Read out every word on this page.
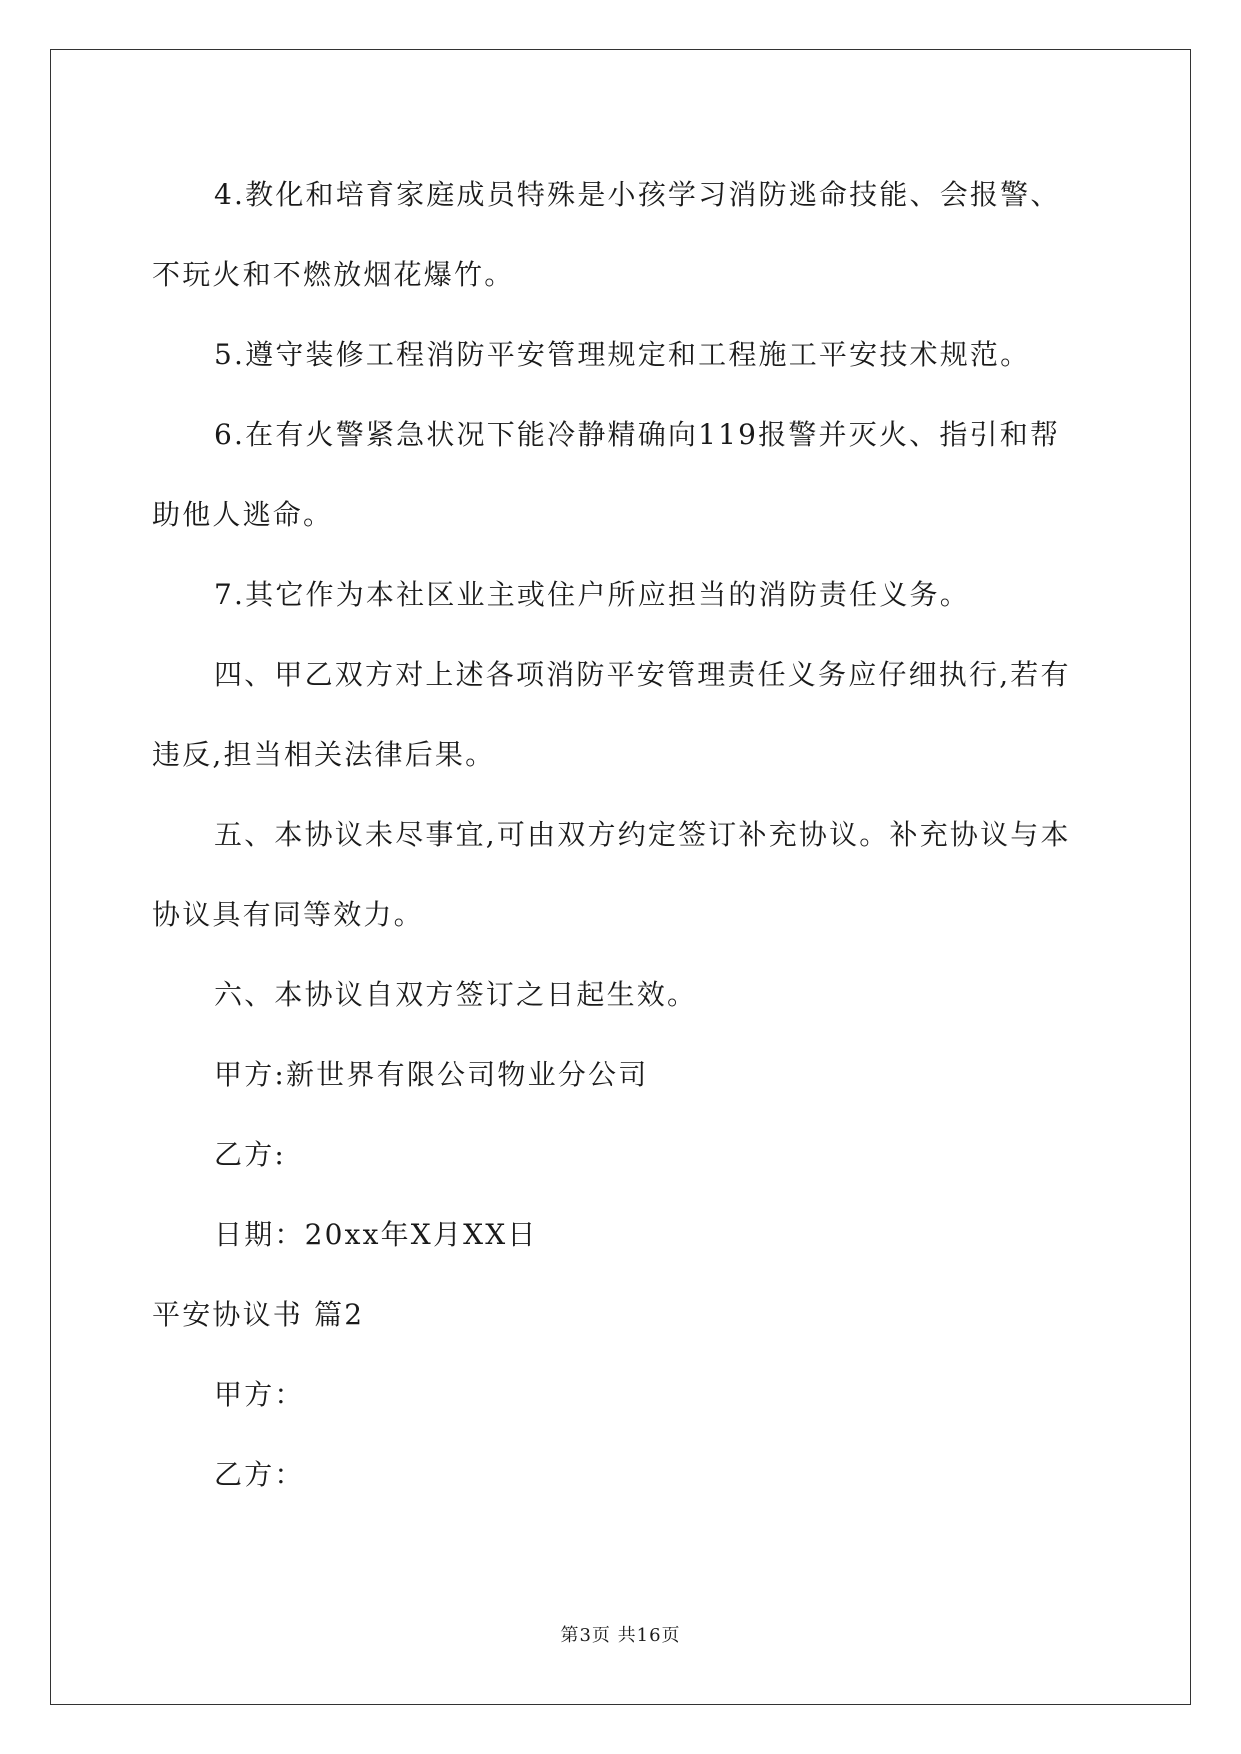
4.教化和培育家庭成员特殊是小孩学习消防逃命技能、会报警、
不玩火和不燃放烟花爆竹。
5.遵守装修工程消防平安管理规定和工程施工平安技术规范。
6.在有火警紧急状况下能冷静精确向119报警并灭火、指引和帮
助他人逃命。
7.其它作为本社区业主或住户所应担当的消防责任义务。
四、甲乙双方对上述各项消防平安管理责任义务应仔细执行,若有
违反,担当相关法律后果。
五、本协议未尽事宜,可由双方约定签订补充协议。补充协议与本
协议具有同等效力。
六、本协议自双方签订之日起生效。
甲方:新世界有限公司物业分公司
乙方:
日期：20xx年X月XX日
平安协议书 篇2
甲方：
乙方：
第3页 共16页
